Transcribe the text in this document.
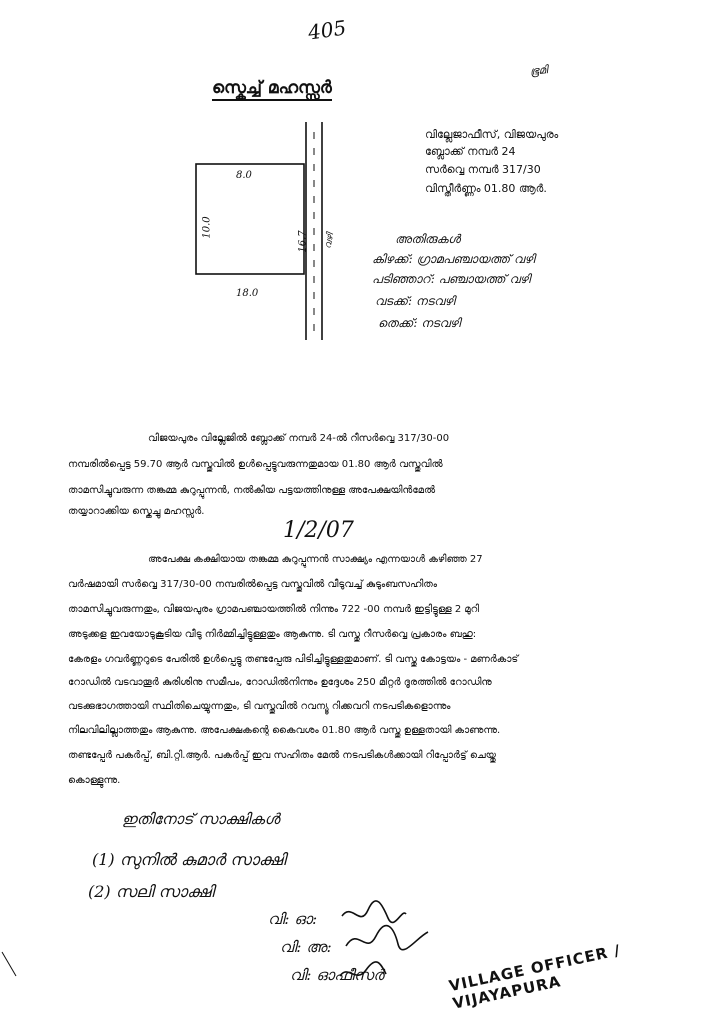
405
ഭൂമി
സ്കെച്ച് മഹസ്സർ
വില്ലേജാഫീസ്, വിജയപുരം
ബ്ലോക്ക് നമ്പർ 24
സർവ്വെ നമ്പർ 317/30
വിസ്തീർണ്ണം 01.80 ആർ.
8.0
10.0
16.7
18.0
വഴി	അതിരുകൾ
കിഴക്ക്: ഗ്രാമപഞ്ചായത്ത് വഴി
പടിഞ്ഞാറ്: പഞ്ചായത്ത് വഴി
വടക്ക്: നടവഴി
തെക്ക്: നടവഴി
വിജയപുരം വില്ലേജിൽ ബ്ലോക്ക് നമ്പർ 24-ൽ റീസർവ്വെ 317/30-00
നമ്പരിൽപ്പെട്ട 59.70 ആർ വസ്തുവിൽ ഉൾപ്പെട്ടുവരുന്നതുമായ 01.80 ആർ വസ്തുവിൽ
താമസിച്ചുവരുന്ന തങ്കമ്മ കുറുപ്പുന്നൻ, നൽകിയ പട്ടയത്തിനുള്ള അപേക്ഷയിൻമേൽ
തയ്യാറാക്കിയ സ്കെച്ചു മഹസ്സർ.
1/2/07
അപേക്ഷ കക്ഷിയായ തങ്കമ്മ കുറുപ്പുന്നൻ സാക്ഷ്യം എന്നയാൾ കഴിഞ്ഞ 27
വർഷമായി സർവ്വെ 317/30-00 നമ്പരിൽപ്പെട്ട വസ്തുവിൽ വീടുവച്ച് കുടുംബസഹിതം
താമസിച്ചുവരുന്നതും, വിജയപുരം ഗ്രാമപഞ്ചായത്തിൽ നിന്നും 722 -00 നമ്പർ ഇട്ടിട്ടുള്ള 2 മുറി
അടുക്കള ഇവയോടുകൂടിയ വീടു നിർമ്മിച്ചിട്ടുള്ളതും ആകുന്നു. ടി വസ്തു റീസർവ്വെ പ്രകാരം ബഹു:
കേരളം ഗവർണ്ണറുടെ പേരിൽ ഉൾപ്പെട്ടു തണ്ടപ്പേരു പിടിച്ചിട്ടുള്ളതുമാണ്. ടി വസ്തു കോട്ടയം - മണർകാട്
റോഡിൽ വടവാതൂർ കുരിശിനു സമീപം, റോഡിൽനിന്നും ഉദ്ദേശം 250 മീറ്റർ ദൂരത്തിൽ റോഡിനു
വടക്കുഭാഗത്തായി സ്ഥിതിചെയ്യുന്നതും, ടി വസ്തുവിൽ റവന്യൂ റിക്കവറി നടപടികളൊന്നും
നിലവിലില്ലാത്തതും ആകുന്നു. അപേക്ഷകന്റെ കൈവശം 01.80 ആർ വസ്തു ഉള്ളതായി കാണുന്നു.
തണ്ടപ്പേർ പകർപ്പ്, ബി.റ്റി.ആർ. പകർപ്പ് ഇവ സഹിതം മേൽ നടപടികൾക്കായി റിപ്പോർട്ട് ചെയ്തു
കൊള്ളുന്നു.
ഇതിനോട് സാക്ഷികൾ
(1) സുനിൽ കുമാർ സാക്ഷി
(2) സലി സാക്ഷി
വി: ഓ:
വി: അ:
വി: ഓഫീസർ	VILLAGE OFFICER / VIJAYAPURA
